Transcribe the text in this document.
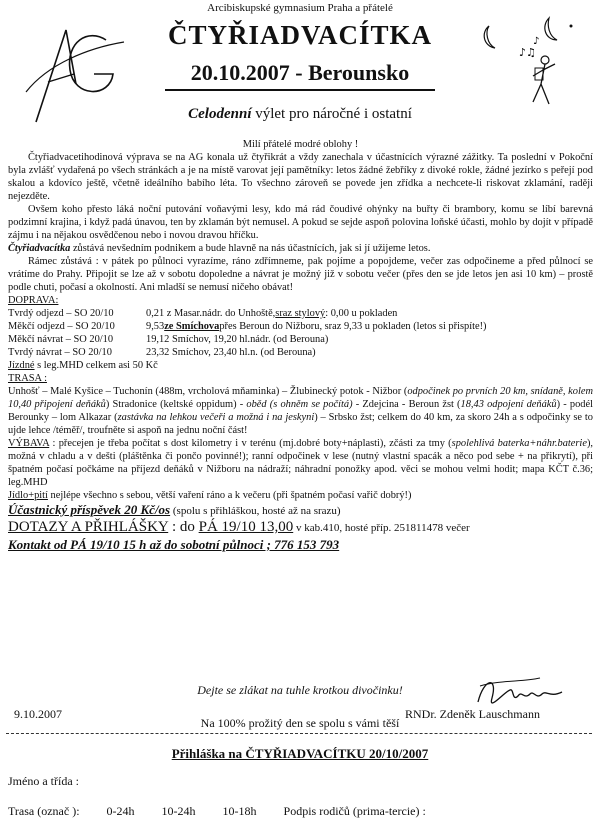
♪♫
♪
Arcibiskupské gymnasium Praha a přátelé
ČTYŘIADVACÍTKA
20.10.2007 - Berounsko
Celodenní výlet pro náročné i ostatní

Milí přátelé modré oblohy !

Čtyřiadvacetihodinová výprava se na AG konala už čtyřikrát a vždy zanechala v účastnících výrazné zážitky. Ta poslední v Pokoční byla zvlášť vydařená po všech stránkách a je na místě varovat její pamětníky: letos žádné žebříky z divoké rokle, žádné jezírko s peřejí pod skalou a kdovíco ještě, včetně ideálního babího léta. To všechno zároveň se povede jen zřídka a nechcete-li riskovat zklamání, raději nejezděte.

Ovšem koho přesto láká noční putování voňavými lesy, kdo má rád čoudivé ohýnky na buřty či brambory, komu se líbí barevná podzimní krajina, i když padá únavou, ten by zklamán být nemusel. A pokud se sejde aspoň polovina loňské účasti, mohlo by dojít v případě zájmu i na nějakou osvědčenou nebo i novou dravou hříčku.

Čtyřiadvacítka zůstává nevšedním podnikem a bude hlavně na nás účastnících, jak si jí užijeme letos.

Rámec zůstává : v pátek po půlnoci vyrazíme, ráno zdřímneme, pak pojíme a popojdeme, večer zas odpočineme a před půlnocí se vrátíme do Prahy. Připojit se lze až v sobotu dopoledne a návrat je možný již v sobotu večer (přes den se jde letos jen asi 10 km) – prostě podle chuti, počasí a okolností. Ani mladší se nemusí ničeho obávat!

DOPRAVA:

Tvrdý odjezd – SO 20/10	0,21 z Masar.nádr. do Unhoště, sraz stylový : 0,00 u pokladen
Měkčí odjezd – SO 20/10	9,53 ze Smíchova přes Beroun do Nižboru, sraz 9,33 u pokladen (letos si přispíte!)
Měkčí návrat – SO 20/10	19,12 Smíchov, 19,20 hl.nádr. (od Berouna)
Tvrdý návrat – SO 20/10	23,32 Smíchov, 23,40 hl.n. (od Berouna)

Jízdné s leg.MHD celkem asi 50 Kč

TRASA :

Unhošť – Malé Kyšice – Tuchonín (488m, vrcholová mňaminka) – Žlubinecký potok - Nižbor (odpočinek po prvních 20 km, snídaně, kolem 10,40 připojení deňáků) Stradonice (keltské oppidum) - oběd (s ohněm se počítá) - Zdejcina - Beroun žst (18,43 odpojení deňáků) - podél Berounky – lom Alkazar (zastávka na lehkou večeři a možná i na jeskyni) – Srbsko žst; celkem do 40 km, za skoro 24h a s odpočinky se to ujde lehce /téměř/, troufněte si aspoň na jednu noční část!

VÝBAVA : přecejen je třeba počítat s dost kilometry i v terénu (mj.dobré boty+náplasti), zčásti za tmy (spolehlivá baterka+náhr.baterie), možná v chladu a v dešti (pláštěnka či pončo povinné!); ranní odpočinek v lese (nutný vlastní spacák a něco pod sebe + na přikrytí), při špatném počasí počkáme na příjezd deňáků v Nižboru na nádraží; náhradní ponožky apod. věci se mohou velmi hodit; mapa KČT č.36; leg.MHD

Jídlo+pití nejlépe všechno s sebou, větší vaření ráno a k večeru (při špatném počasí vařič dobrý!)

Účastnický příspěvek 20 Kč/os (spolu s přihláškou, hosté až na srazu)

DOTAZY A PŘIHLÁŠKY : do PÁ 19/10 13,00 v kab.410, hosté příp. 251811478 večer

Kontakt od PÁ 19/10 15 h až do sobotní půlnoci ; 776 153 793

Dejte se zlákat na tuhle krotkou divočinku!
Na 100% prožitý den se spolu s vámi těší
9.10.2007	RNDr. Zdeněk Lauschmann
Přihláška na ČTYŘIADVACÍTKU 20/10/2007
Jméno a třída :
Trasa (označ ): 0-24h 10-24h 10-18h Podpis rodičů (prima-tercie) :
